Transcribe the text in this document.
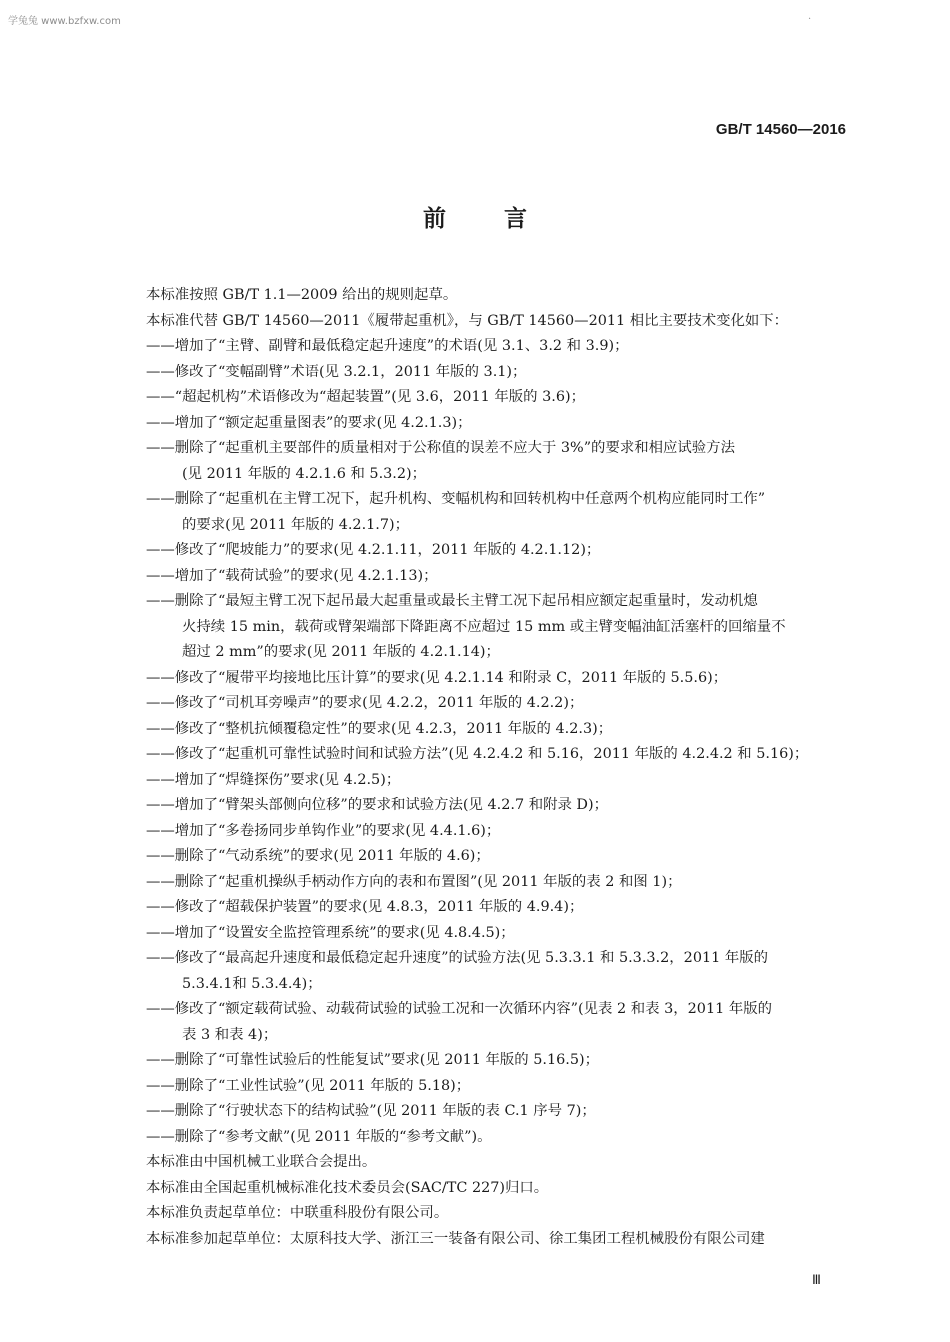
学兔兔 www.bzfxw.com	·
GB/T 14560—2016
前言

本标准按照 GB/T 1.1—2009 给出的规则起草。

本标准代替 GB/T 14560—2011《履带起重机》，与 GB/T 14560—2011 相比主要技术变化如下：

——增加了“主臂、副臂和最低稳定起升速度”的术语(见 3.1、3.2 和 3.9)；

——修改了“变幅副臂”术语(见 3.2.1，2011 年版的 3.1)；

——“超起机构”术语修改为“超起装置”(见 3.6，2011 年版的 3.6)；

——增加了“额定起重量图表”的要求(见 4.2.1.3)；

——删除了“起重机主要部件的质量相对于公称值的误差不应大于 3%”的要求和相应试验方法

(见 2011 年版的 4.2.1.6 和 5.3.2)；

——删除了“起重机在主臂工况下，起升机构、变幅机构和回转机构中任意两个机构应能同时工作”

的要求(见 2011 年版的 4.2.1.7)；

——修改了“爬坡能力”的要求(见 4.2.1.11，2011 年版的 4.2.1.12)；

——增加了“载荷试验”的要求(见 4.2.1.13)；

——删除了“最短主臂工况下起吊最大起重量或最长主臂工况下起吊相应额定起重量时，发动机熄

火持续 15 min，载荷或臂架端部下降距离不应超过 15 mm 或主臂变幅油缸活塞杆的回缩量不

超过 2 mm”的要求(见 2011 年版的 4.2.1.14)；

——修改了“履带平均接地比压计算”的要求(见 4.2.1.14 和附录 C，2011 年版的 5.5.6)；

——修改了“司机耳旁噪声”的要求(见 4.2.2，2011 年版的 4.2.2)；

——修改了“整机抗倾覆稳定性”的要求(见 4.2.3，2011 年版的 4.2.3)；

——修改了“起重机可靠性试验时间和试验方法”(见 4.2.4.2 和 5.16，2011 年版的 4.2.4.2 和 5.16)；

——增加了“焊缝探伤”要求(见 4.2.5)；

——增加了“臂架头部侧向位移”的要求和试验方法(见 4.2.7 和附录 D)；

——增加了“多卷扬同步单钩作业”的要求(见 4.4.1.6)；

——删除了“气动系统”的要求(见 2011 年版的 4.6)；

——删除了“起重机操纵手柄动作方向的表和布置图”(见 2011 年版的表 2 和图 1)；

——修改了“超载保护装置”的要求(见 4.8.3，2011 年版的 4.9.4)；

——增加了“设置安全监控管理系统”的要求(见 4.8.4.5)；

——修改了“最高起升速度和最低稳定起升速度”的试验方法(见 5.3.3.1 和 5.3.3.2，2011 年版的

5.3.4.1和 5.3.4.4)；

——修改了“额定载荷试验、动载荷试验的试验工况和一次循环内容”(见表 2 和表 3，2011 年版的

表 3 和表 4)；

——删除了“可靠性试验后的性能复试”要求(见 2011 年版的 5.16.5)；

——删除了“工业性试验”(见 2011 年版的 5.18)；

——删除了“行驶状态下的结构试验”(见 2011 年版的表 C.1 序号 7)；

——删除了“参考文献”(见 2011 年版的“参考文献”)。

本标准由中国机械工业联合会提出。

本标准由全国起重机械标准化技术委员会(SAC/TC 227)归口。

本标准负责起草单位：中联重科股份有限公司。

本标准参加起草单位：太原科技大学、浙江三一装备有限公司、徐工集团工程机械股份有限公司建

Ⅲ
